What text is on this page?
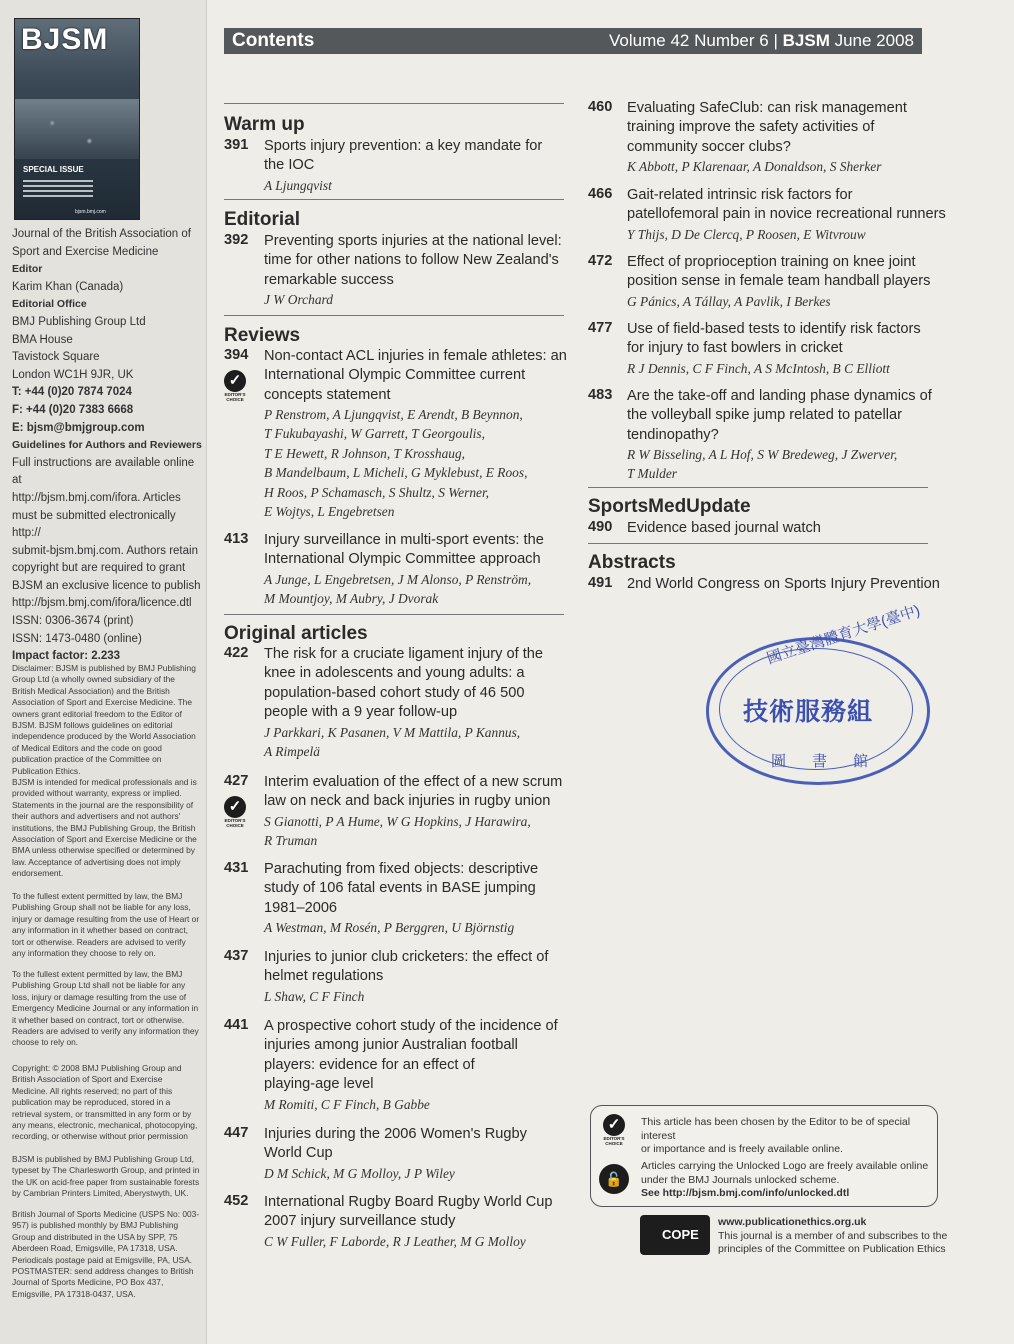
BJSM
SPECIAL ISSUE
bjsm.bmj.com
Journal of the British Association of
Sport and Exercise Medicine
Editor
Karim Khan (Canada)
Editorial Office
BMJ Publishing Group Ltd
BMA House
Tavistock Square
London WC1H 9JR, UK
T: +44 (0)20 7874 7024
F: +44 (0)20 7383 6668
E: bjsm@bmjgroup.com
Guidelines for Authors and Reviewers
Full instructions are available online at
http://bjsm.bmj.com/ifora. Articles
must be submitted electronically http://
submit-bjsm.bmj.com. Authors retain
copyright but are required to grant
BJSM an exclusive licence to publish
http://bjsm.bmj.com/ifora/licence.dtl
ISSN: 0306-3674 (print)
ISSN: 1473-0480 (online)
Impact factor: 2.233
Disclaimer: BJSM is published by BMJ Publishing Group Ltd (a wholly owned subsidiary of the British Medical Association) and the British Association of Sport and Exercise Medicine. The owners grant editorial freedom to the Editor of BJSM. BJSM follows guidelines on editorial independence produced by the World Association of Medical Editors and the code on good publication practice of the Committee on Publication Ethics.
BJSM is intended for medical professionals and is provided without warranty, express or implied. Statements in the journal are the responsibility of their authors and advertisers and not authors' institutions, the BMJ Publishing Group, the British Association of Sport and Exercise Medicine or the BMA unless otherwise specified or determined by law. Acceptance of advertising does not imply endorsement.
To the fullest extent permitted by law, the BMJ Publishing Group shall not be liable for any loss, injury or damage resulting from the use of Heart or any information in it whether based on contract, tort or otherwise. Readers are advised to verify any information they choose to rely on.
To the fullest extent permitted by law, the BMJ Publishing Group Ltd shall not be liable for any loss, injury or damage resulting from the use of Emergency Medicine Journal or any information in it whether based on contract, tort or otherwise. Readers are advised to verify any information they choose to rely on.
Copyright: © 2008 BMJ Publishing Group and British Association of Sport and Exercise Medicine. All rights reserved; no part of this publication may be reproduced, stored in a retrieval system, or transmitted in any form or by any means, electronic, mechanical, photocopying, recording, or otherwise without prior permission
BJSM is published by BMJ Publishing Group Ltd, typeset by The Charlesworth Group, and printed in the UK on acid-free paper from sustainable forests by Cambrian Printers Limited, Aberystwyth, UK.
British Journal of Sports Medicine (USPS No: 003-957) is published monthly by BMJ Publishing Group and distributed in the USA by SPP, 75 Aberdeen Road, Emigsville, PA 17318, USA. Periodicals postage paid at Emigsville, PA, USA. POSTMASTER: send address changes to British Journal of Sports Medicine, PO Box 437, Emigsville, PA 17318-0437, USA.
Contents	Volume 42 Number 6 | BJSM June 2008
Warm up
391 Sports injury prevention: a key mandate for
the IOC
A Ljungqvist
Editorial
392 Preventing sports injuries at the national level:
time for other nations to follow New Zealand's
remarkable success
J W Orchard
Reviews
394 Non-contact ACL injuries in female athletes: an
International Olympic Committee current
concepts statement
P Renstrom, A Ljungqvist, E Arendt, B Beynnon,
T Fukubayashi, W Garrett, T Georgoulis,
T E Hewett, R Johnson, T Krosshaug,
B Mandelbaum, L Micheli, G Myklebust, E Roos,
H Roos, P Schamasch, S Shultz, S Werner,
E Wojtys, L Engebretsen
✓
EDITOR'S
CHOICE
413 Injury surveillance in multi-sport events: the
International Olympic Committee approach
A Junge, L Engebretsen, J M Alonso, P Renström,
M Mountjoy, M Aubry, J Dvorak
Original articles
422 The risk for a cruciate ligament injury of the
knee in adolescents and young adults: a
population-based cohort study of 46 500
people with a 9 year follow-up
J Parkkari, K Pasanen, V M Mattila, P Kannus,
A Rimpelä
427 Interim evaluation of the effect of a new scrum
law on neck and back injuries in rugby union
S Gianotti, P A Hume, W G Hopkins, J Harawira,
R Truman
✓
EDITOR'S
CHOICE
431 Parachuting from fixed objects: descriptive
study of 106 fatal events in BASE jumping
1981–2006
A Westman, M Rosén, P Berggren, U Björnstig
437 Injuries to junior club cricketers: the effect of
helmet regulations
L Shaw, C F Finch
441 A prospective cohort study of the incidence of
injuries among junior Australian football
players: evidence for an effect of
playing-age level
M Romiti, C F Finch, B Gabbe
447 Injuries during the 2006 Women's Rugby
World Cup
D M Schick, M G Molloy, J P Wiley
452 International Rugby Board Rugby World Cup
2007 injury surveillance study
C W Fuller, F Laborde, R J Leather, M G Molloy
460 Evaluating SafeClub: can risk management
training improve the safety activities of
community soccer clubs?
K Abbott, P Klarenaar, A Donaldson, S Sherker
466 Gait-related intrinsic risk factors for
patellofemoral pain in novice recreational runners
Y Thijs, D De Clercq, P Roosen, E Witvrouw
472 Effect of proprioception training on knee joint
position sense in female team handball players
G Pánics, A Tállay, A Pavlik, I Berkes
477 Use of field-based tests to identify risk factors
for injury to fast bowlers in cricket
R J Dennis, C F Finch, A S McIntosh, B C Elliott
483 Are the take-off and landing phase dynamics of
the volleyball spike jump related to patellar
tendinopathy?
R W Bisseling, A L Hof, S W Bredeweg, J Zwerver,
T Mulder
SportsMedUpdate
490 Evidence based journal watch
Abstracts
491 2nd World Congress on Sports Injury Prevention
國立臺灣體育大學(臺中)
技術服務組
圖書館
✓
EDITOR'S
CHOICE
This article has been chosen by the Editor to be of special interest
or importance and is freely available online.
🔓
Articles carrying the Unlocked Logo are freely available online
under the BMJ Journals unlocked scheme.
See http://bjsm.bmj.com/info/unlocked.dtl
COPE
www.publicationethics.org.uk
This journal is a member of and subscribes to the
principles of the Committee on Publication Ethics
